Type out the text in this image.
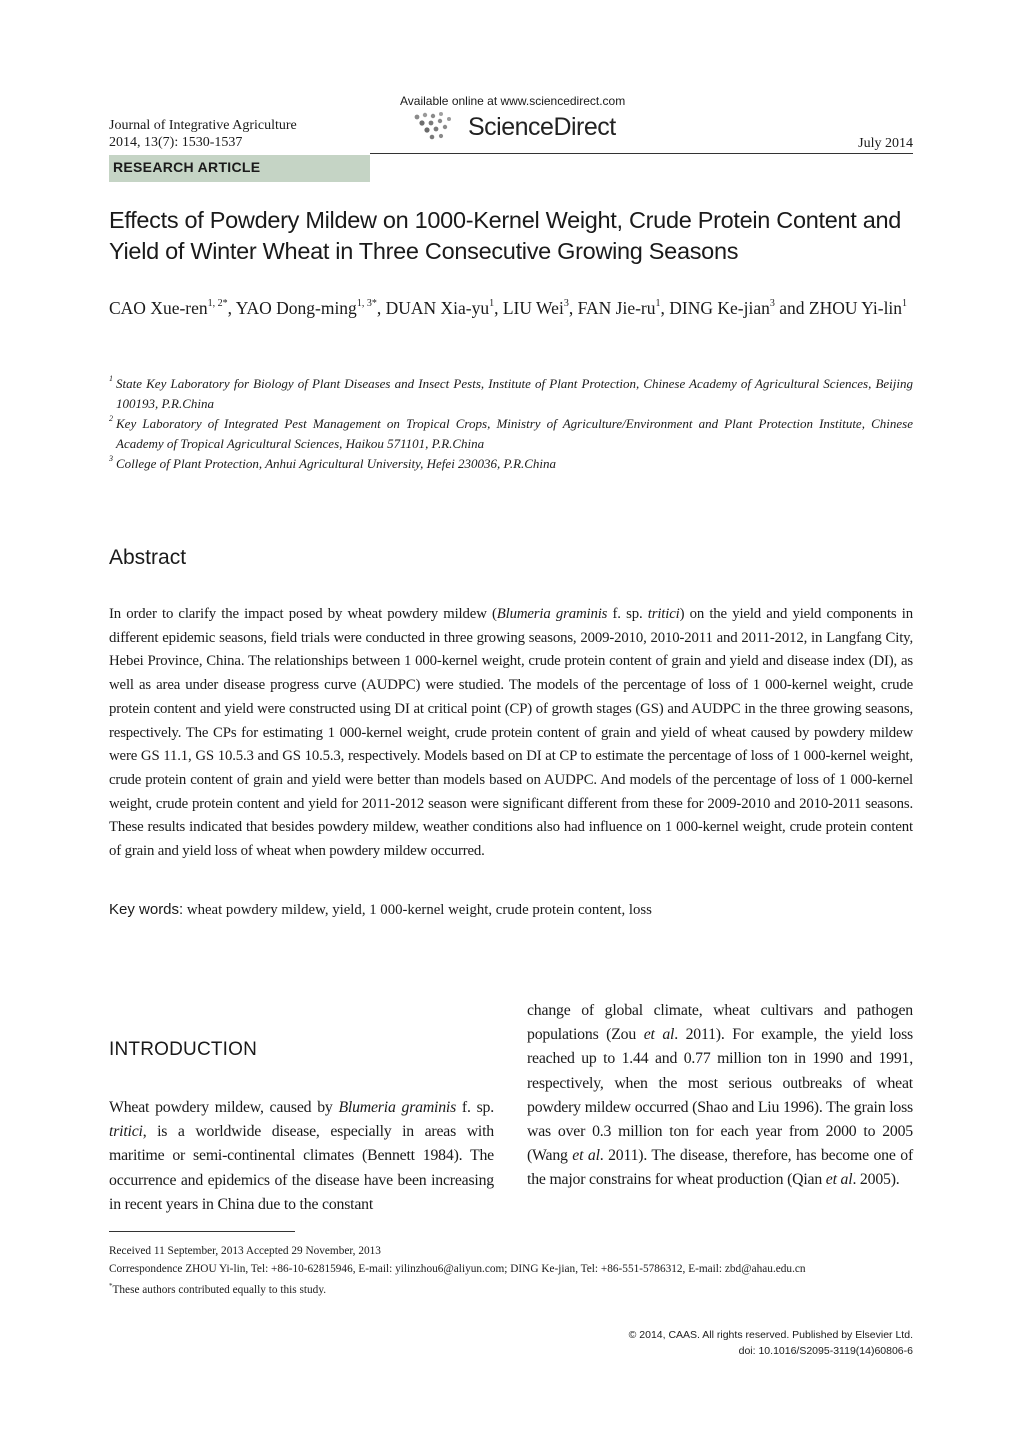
Journal of Integrative Agriculture
2014, 13(7): 1530-1537
Available online at www.sciencedirect.com
ScienceDirect
July 2014
RESEARCH ARTICLE
Effects of Powdery Mildew on 1000-Kernel Weight, Crude Protein Content and Yield of Winter Wheat in Three Consecutive Growing Seasons
CAO Xue-ren$^{1, 2*}$, YAO Dong-ming$^{1, 3*}$, DUAN Xia-$yu^1$, LIU Wei$^3$, FAN Jie-$ru^1$, DING Ke-jian$^3$ and ZHOU Yi-lin$^1$
1 State Key Laboratory for Biology of Plant Diseases and Insect Pests, Institute of Plant Protection, Chinese Academy of Agricultural Sciences, Beijing 100193, P.R.China
2 Key Laboratory of Integrated Pest Management on Tropical Crops, Ministry of Agriculture/Environment and Plant Protection Institute, Chinese Academy of Tropical Agricultural Sciences, Haikou 571101, P.R.China
3 College of Plant Protection, Anhui Agricultural University, Hefei 230036, P.R.China
Abstract
In order to clarify the impact posed by wheat powdery mildew (Blumeria graminis f. sp. tritici) on the yield and yield components in different epidemic seasons, field trials were conducted in three growing seasons, 2009-2010, 2010-2011 and 2011-2012, in Langfang City, Hebei Province, China. The relationships between 1 000-kernel weight, crude protein content of grain and yield and disease index (DI), as well as area under disease progress curve (AUDPC) were studied. The models of the percentage of loss of 1 000-kernel weight, crude protein content and yield were constructed using DI at critical point (CP) of growth stages (GS) and AUDPC in the three growing seasons, respectively. The CPs for estimating 1 000-kernel weight, crude protein content of grain and yield of wheat caused by powdery mildew were GS 11.1, GS 10.5.3 and GS 10.5.3, respectively. Models based on DI at CP to estimate the percentage of loss of 1 000-kernel weight, crude protein content of grain and yield were better than models based on AUDPC. And models of the percentage of loss of 1 000-kernel weight, crude protein content and yield for 2011-2012 season were significant different from these for 2009-2010 and 2010-2011 seasons. These results indicated that besides powdery mildew, weather conditions also had influence on 1 000-kernel weight, crude protein content of grain and yield loss of wheat when powdery mildew occurred.
Key words: wheat powdery mildew, yield, 1 000-kernel weight, crude protein content, loss
INTRODUCTION
Wheat powdery mildew, caused by Blumeria graminis f. sp. tritici, is a worldwide disease, especially in areas with maritime or semi-continental climates (Bennett 1984). The occurrence and epidemics of the disease have been increasing in recent years in China due to the constant
change of global climate, wheat cultivars and pathogen populations (Zou et al. 2011). For example, the yield loss reached up to 1.44 and 0.77 million ton in 1990 and 1991, respectively, when the most serious outbreaks of wheat powdery mildew occurred (Shao and Liu 1996). The grain loss was over 0.3 million ton for each year from 2000 to 2005 (Wang et al. 2011). The disease, therefore, has become one of the major constrains for wheat production (Qian et al. 2005).
Received 11 September, 2013 Accepted 29 November, 2013
Correspondence ZHOU Yi-lin, Tel: +86-10-62815946, E-mail: yilinzhou6@aliyun.com; DING Ke-jian, Tel: +86-551-5786312, E-mail: zbd@ahau.edu.cn
*These authors contributed equally to this study.
© 2014, CAAS. All rights reserved. Published by Elsevier Ltd.
doi: 10.1016/S2095-3119(14)60806-6
